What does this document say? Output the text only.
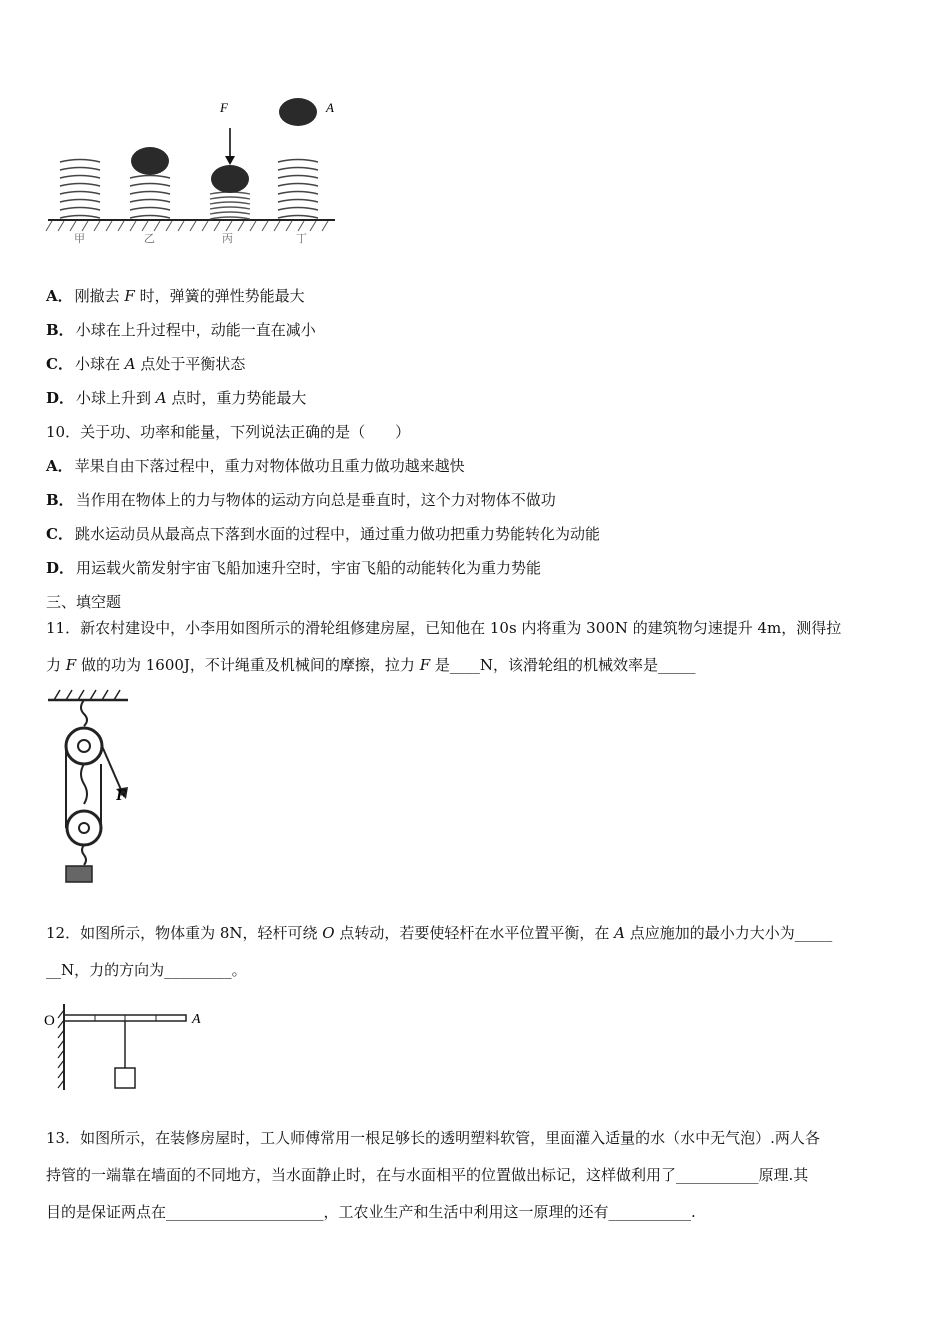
F	A
甲	乙	丙	丁
A． 刚撤去 F 时，弹簧的弹性势能最大
B． 小球在上升过程中，动能一直在减小
C． 小球在 A 点处于平衡状态
D． 小球上升到 A 点时，重力势能最大
10．关于功、功率和能量，下列说法正确的是（　　）
A． 苹果自由下落过程中，重力对物体做功且重力做功越来越快
B． 当作用在物体上的力与物体的运动方向总是垂直时，这个力对物体不做功
C． 跳水运动员从最高点下落到水面的过程中，通过重力做功把重力势能转化为动能
D． 用运载火箭发射宇宙飞船加速升空时，宇宙飞船的动能转化为重力势能
三、填空题
11．新农村建设中，小李用如图所示的滑轮组修建房屋，已知他在 10s 内将重为 300N 的建筑物匀速提升 4m，测得拉
力 F 做的功为 1600J，不计绳重及机械间的摩擦，拉力 F 是____N，该滑轮组的机械效率是_____
F
12．如图所示，物体重为 8N，轻杆可绕 O 点转动，若要使轻杆在水平位置平衡，在 A 点应施加的最小力大小为_____
__N，力的方向为_________。
O	A
13．如图所示，在装修房屋时，工人师傅常用一根足够长的透明塑料软管，里面灌入适量的水（水中无气泡）.两人各
持管的一端靠在墙面的不同地方，当水面静止时，在与水面相平的位置做出标记，这样做利用了___________原理.其
目的是保证两点在_____________________，工农业生产和生活中利用这一原理的还有___________.
